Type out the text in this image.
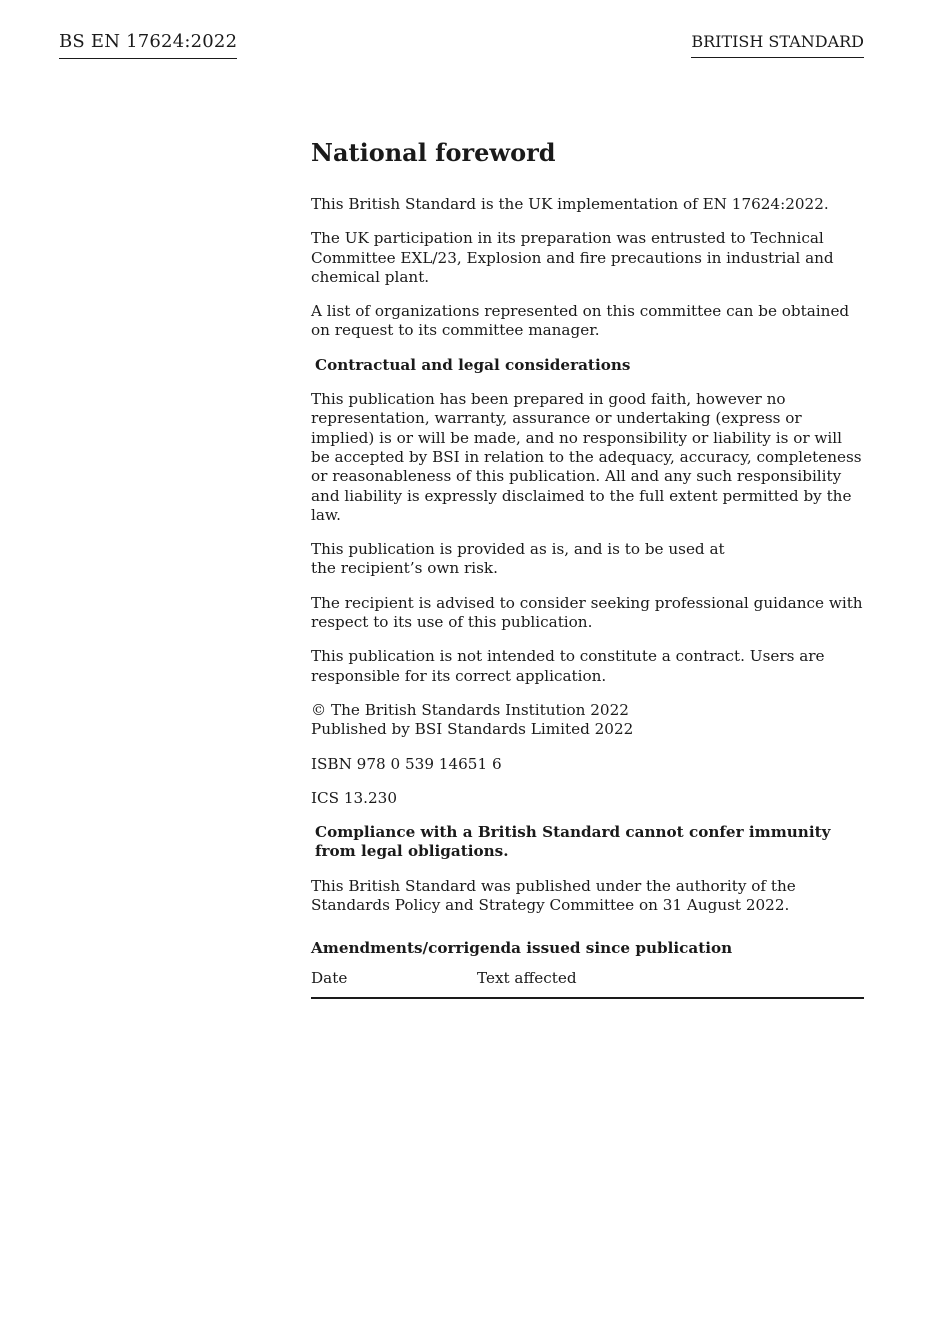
BS EN 17624:2022	BRITISH STANDARD
National foreword

This British Standard is the UK implementation of EN 17624:2022.

The UK participation in its preparation was entrusted to Technical Committee EXL/23, Explosion and fire precautions in industrial and chemical plant.

A list of organizations represented on this committee can be obtained on request to its committee manager.

Contractual and legal considerations

This publication has been prepared in good faith, however no representation, warranty, assurance or undertaking (express or implied) is or will be made, and no responsibility or liability is or will be accepted by BSI in relation to the adequacy, accuracy, completeness or reasonableness of this publication. All and any such responsibility and liability is expressly disclaimed to the full extent permitted by the law.

This publication is provided as is, and is to be used at the recipient’s own risk.

The recipient is advised to consider seeking professional guidance with respect to its use of this publication.

This publication is not intended to constitute a contract. Users are responsible for its correct application.

© The British Standards Institution 2022
Published by BSI Standards Limited 2022

ISBN 978 0 539 14651 6

ICS 13.230

Compliance with a British Standard cannot confer immunity from legal obligations.

This British Standard was published under the authority of the Standards Policy and Strategy Committee on 31 August 2022.

Amendments/corrigenda issued since publication
Date	Text affected
